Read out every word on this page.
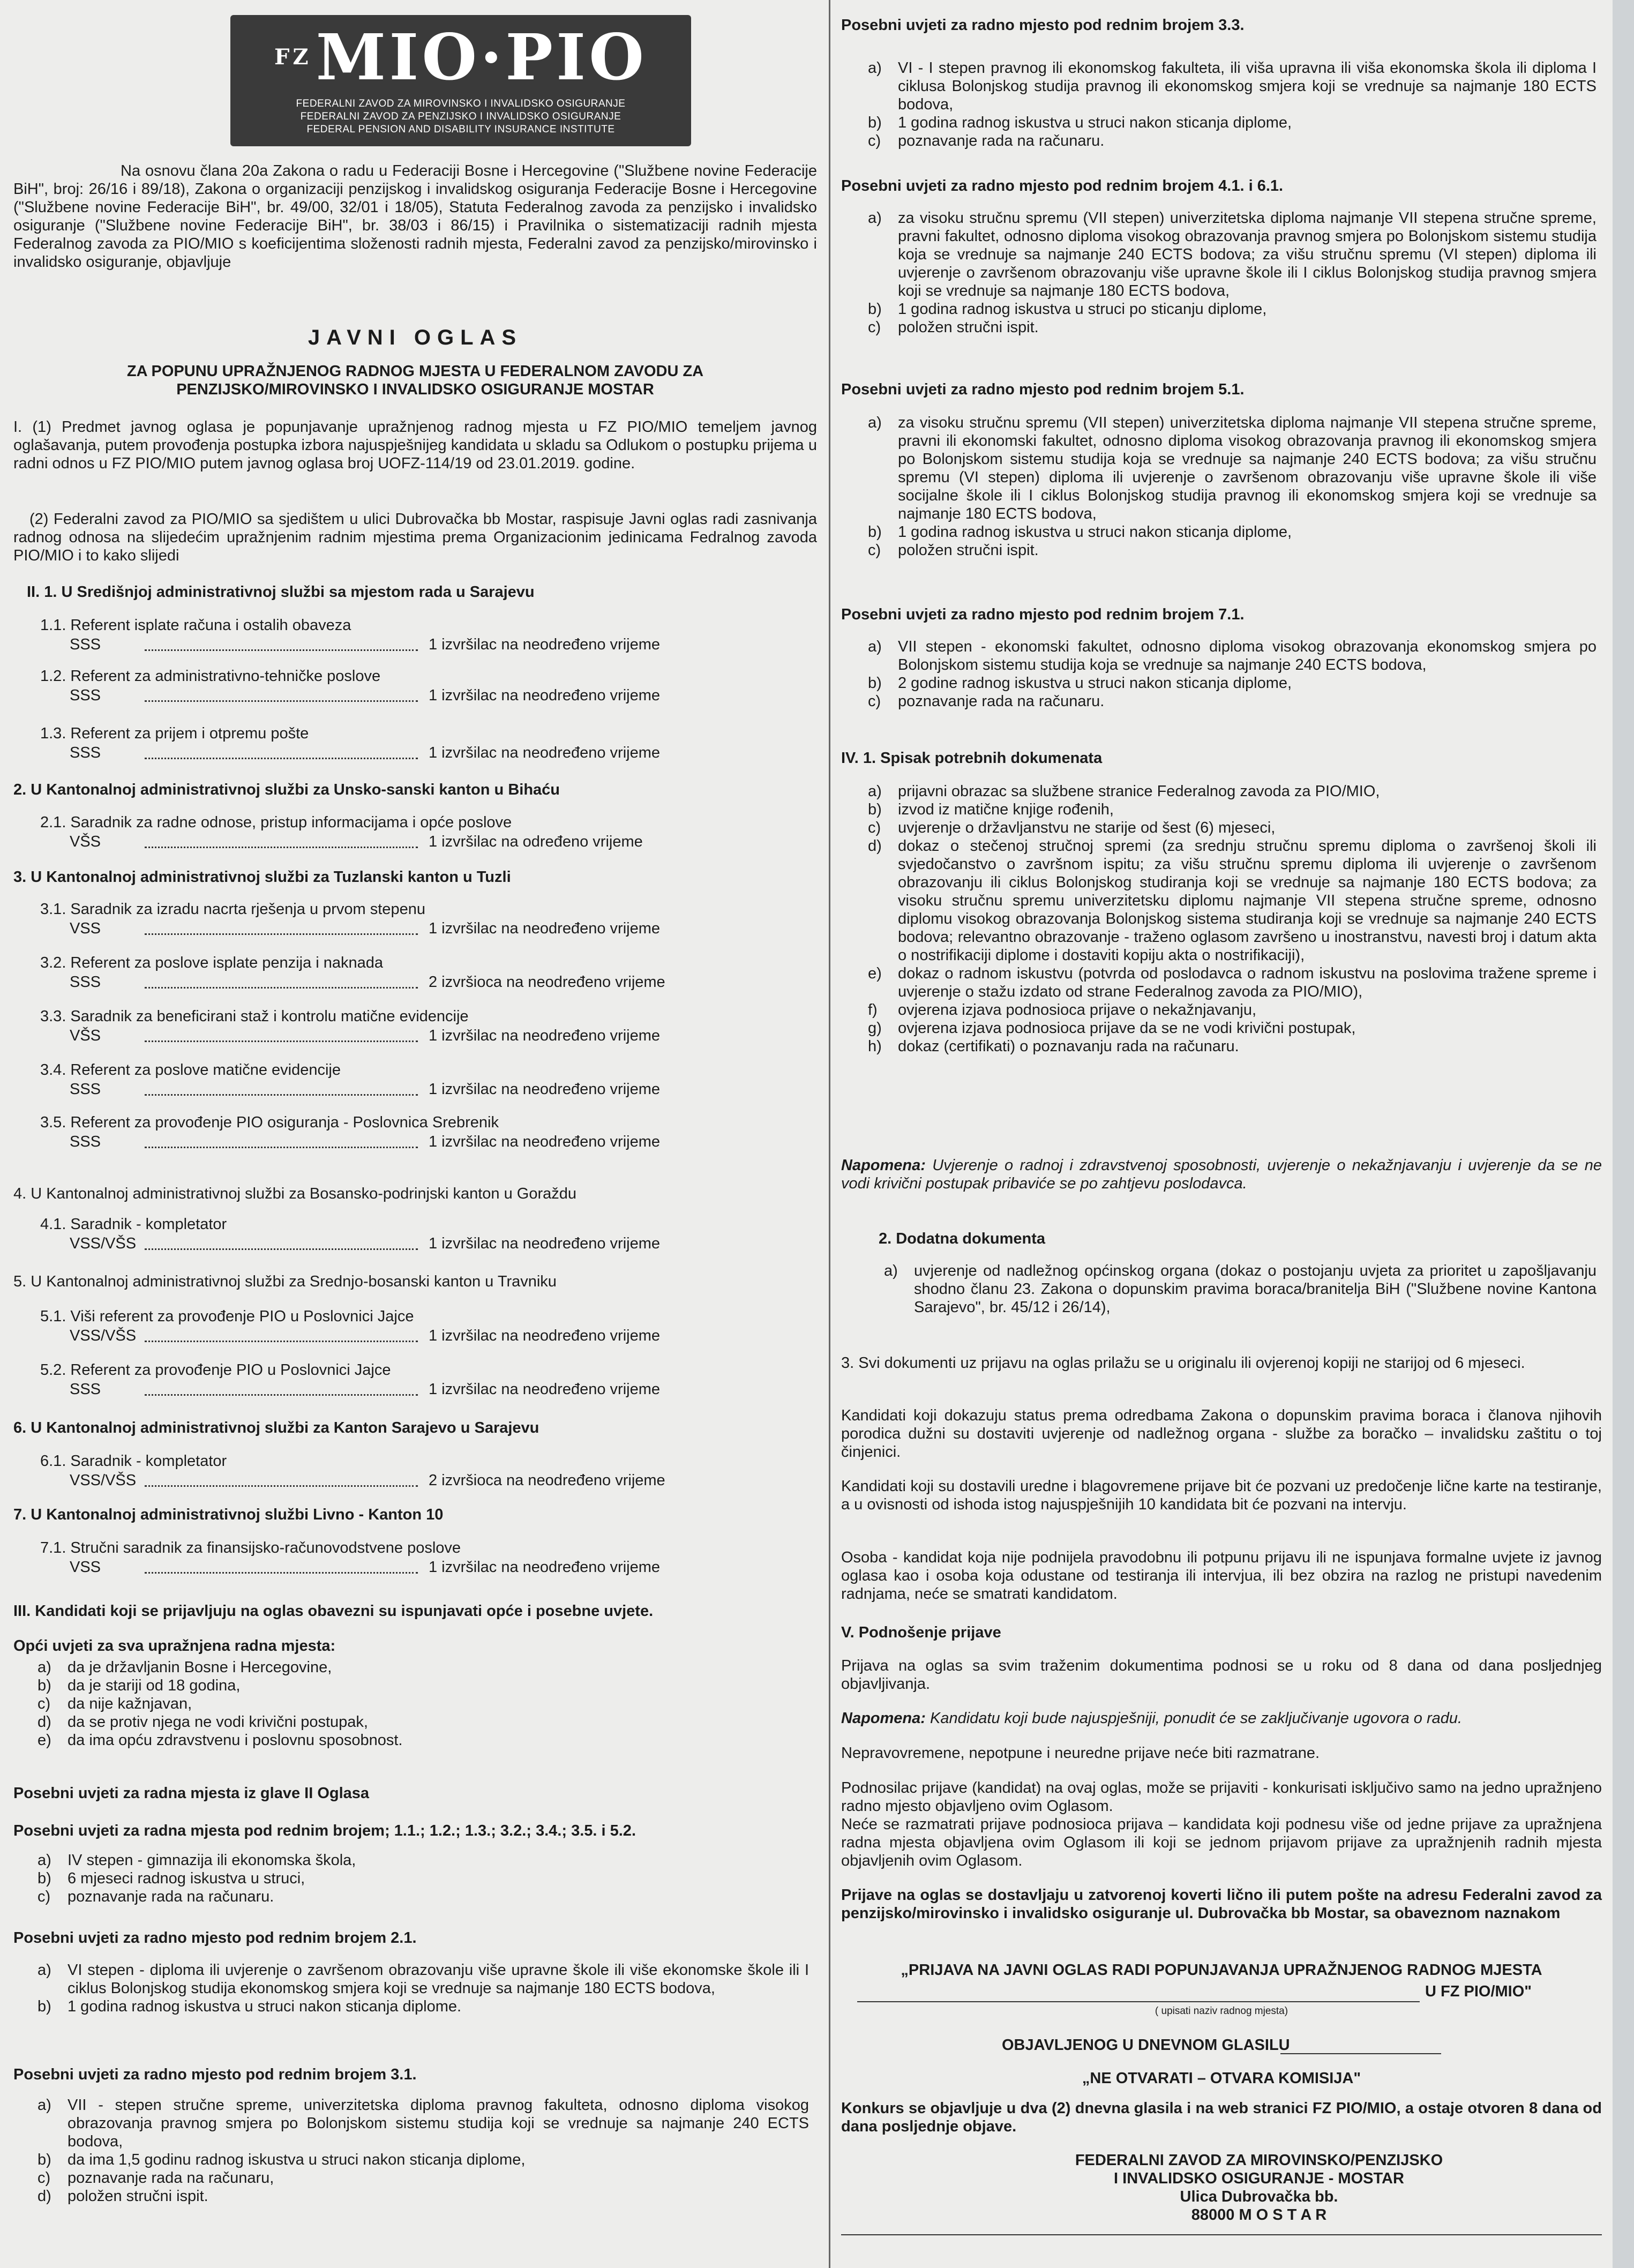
$^{FZ}$MIO·PIO
FEDERALNI ZAVOD ZA MIROVINSKO I INVALIDSKO OSIGURANJE
FEDERALNI ZAVOD ZA PENZIJSKO I INVALIDSKO OSIGURANJE
FEDERAL PENSION AND DISABILITY INSURANCE INSTITUTE
Na osnovu člana 20a Zakona o radu u Federaciji Bosne i Hercegovine ("Službene novine Federacije BiH", broj: 26/16 i 89/18), Zakona o organizaciji penzijskog i invalidskog osiguranja Federacije Bosne i Hercegovine ("Službene novine Federacije BiH", br. 49/00, 32/01 i 18/05), Statuta Federalnog zavoda za penzijsko i invalidsko osiguranje ("Službene novine Federacije BiH", br. 38/03 i 86/15) i Pravilnika o sistematizaciji radnih mjesta Federalnog zavoda za PIO/MIO s koeficijentima složenosti radnih mjesta, Federalni zavod za penzijsko/mirovinsko i invalidsko osiguranje, objavljuje
JAVNI OGLAS
ZA POPUNU UPRAŽNJENOG RADNOG MJESTA U FEDERALNOM ZAVODU ZA
PENZIJSKO/MIROVINSKO I INVALIDSKO OSIGURANJE MOSTAR
I. (1) Predmet javnog oglasa je popunjavanje upražnjenog radnog mjesta u FZ PIO/MIO temeljem javnog oglašavanja, putem provođenja postupka izbora najuspješnijeg kandidata u skladu sa Odlukom o postupku prijema u radni odnos u FZ PIO/MIO putem javnog oglasa broj UOFZ-114/19 od 23.01.2019. godine.
(2) Federalni zavod za PIO/MIO sa sjedištem u ulici Dubrovačka bb Mostar, raspisuje Javni oglas radi zasnivanja radnog odnosa na slijedećim upražnjenim radnim mjestima prema Organizacionim jedinicama Fedralnog zavoda PIO/MIO i to kako slijedi
II. 1. U Središnjoj administrativnoj službi sa mjestom rada u Sarajevu
1.1. Referent isplate računa i ostalih obaveza
SSS	1 izvršilac na neodređeno vrijeme
1.2. Referent za administrativno-tehničke poslove
SSS	1 izvršilac na neodređeno vrijeme
1.3. Referent za prijem i otpremu pošte
SSS	1 izvršilac na neodređeno vrijeme
2.1. Saradnik za radne odnose, pristup informacijama i opće poslove
VŠS	1 izvršilac na određeno vrijeme
3.1. Saradnik za izradu nacrta rješenja u prvom stepenu
VSS	1 izvršilac na neodređeno vrijeme
3.2. Referent za poslove isplate penzija i naknada
SSS	2 izvršioca na neodređeno vrijeme
3.3. Saradnik za beneficirani staž i kontrolu matične evidencije
VŠS	1 izvršilac na neodređeno vrijeme
3.4. Referent za poslove matične evidencije
SSS	1 izvršilac na neodređeno vrijeme
3.5. Referent za provođenje PIO osiguranja - Poslovnica Srebrenik
SSS	1 izvršilac na neodređeno vrijeme
4.1. Saradnik - kompletator
VSS/VŠS	1 izvršilac na neodređeno vrijeme
5.1. Viši referent za provođenje PIO u Poslovnici Jajce
VSS/VŠS	1 izvršilac na neodređeno vrijeme
5.2. Referent za provođenje PIO u Poslovnici Jajce
SSS	1 izvršilac na neodređeno vrijeme
6.1. Saradnik - kompletator
VSS/VŠS	2 izvršioca na neodređeno vrijeme
7.1. Stručni saradnik za finansijsko-računovodstvene poslove
VSS	1 izvršilac na neodređeno vrijeme
2. U Kantonalnoj administrativnoj službi za Unsko-sanski kanton u Bihaću
3. U Kantonalnoj administrativnoj službi za Tuzlanski kanton u Tuzli
4. U Kantonalnoj administrativnoj službi za Bosansko-podrinjski kanton u Goraždu
5. U Kantonalnoj administrativnoj službi za Srednjo-bosanski kanton u Travniku
6. U Kantonalnoj administrativnoj službi za Kanton Sarajevo u Sarajevu
7. U Kantonalnoj administrativnoj službi Livno - Kanton 10
III. Kandidati koji se prijavljuju na oglas obavezni su ispunjavati opće i posebne uvjete.
Opći uvjeti za sva upražnjena radna mjesta:
a) da je državljanin Bosne i Hercegovine,
b) da je stariji od 18 godina,
c) da nije kažnjavan,
d) da se protiv njega ne vodi krivični postupak,
e) da ima opću zdravstvenu i poslovnu sposobnost.
Posebni uvjeti za radna mjesta iz glave II Oglasa
Posebni uvjeti za radna mjesta pod rednim brojem; 1.1.; 1.2.; 1.3.; 3.2.; 3.4.; 3.5. i 5.2.
a) IV stepen - gimnazija ili ekonomska škola,
b) 6 mjeseci radnog iskustva u struci,
c) poznavanje rada na računaru.
Posebni uvjeti za radno mjesto pod rednim brojem 2.1.
a) VI stepen - diploma ili uvjerenje o završenom obrazovanju više upravne škole ili više ekonomske škole ili I ciklus Bolonjskog studija ekonomskog smjera koji se vrednuje sa najmanje 180 ECTS bodova,
b) 1 godina radnog iskustva u struci nakon sticanja diplome.
Posebni uvjeti za radno mjesto pod rednim brojem 3.1.
a) VII - stepen stručne spreme, univerzitetska diploma pravnog fakulteta, odnosno diploma visokog obrazovanja pravnog smjera po Bolonjskom sistemu studija koji se vrednuje sa najmanje 240 ECTS bodova,
b) da ima 1,5 godinu radnog iskustva u struci nakon sticanja diplome,
c) poznavanje rada na računaru,
d) položen stručni ispit.
Posebni uvjeti za radno mjesto pod rednim brojem 3.3.
a) VI - I stepen pravnog ili ekonomskog fakulteta, ili viša upravna ili viša ekonomska škola ili diploma I ciklusa Bolonjskog studija pravnog ili ekonomskog smjera koji se vrednuje sa najmanje 180 ECTS bodova,
b) 1 godina radnog iskustva u struci nakon sticanja diplome,
c) poznavanje rada na računaru.
Posebni uvjeti za radno mjesto pod rednim brojem 4.1. i 6.1.
a) za visoku stručnu spremu (VII stepen) univerzitetska diploma najmanje VII stepena stručne spreme, pravni fakultet, odnosno diploma visokog obrazovanja pravnog smjera po Bolonjskom sistemu studija koja se vrednuje sa najmanje 240 ECTS bodova; za višu stručnu spremu (VI stepen) diploma ili uvjerenje o završenom obrazovanju više upravne škole ili I ciklus Bolonjskog studija pravnog smjera koji se vrednuje sa najmanje 180 ECTS bodova,
b) 1 godina radnog iskustva u struci po sticanju diplome,
c) položen stručni ispit.
Posebni uvjeti za radno mjesto pod rednim brojem 5.1.
a) za visoku stručnu spremu (VII stepen) univerzitetska diploma najmanje VII stepena stručne spreme, pravni ili ekonomski fakultet, odnosno diploma visokog obrazovanja pravnog ili ekonomskog smjera po Bolonjskom sistemu studija koja se vrednuje sa najmanje 240 ECTS bodova; za višu stručnu spremu (VI stepen) diploma ili uvjerenje o završenom obrazovanju više upravne škole ili više socijalne škole ili I ciklus Bolonjskog studija pravnog ili ekonomskog smjera koji se vrednuje sa najmanje 180 ECTS bodova,
b) 1 godina radnog iskustva u struci nakon sticanja diplome,
c) položen stručni ispit.
Posebni uvjeti za radno mjesto pod rednim brojem 7.1.
a) VII stepen - ekonomski fakultet, odnosno diploma visokog obrazovanja ekonomskog smjera po Bolonjskom sistemu studija koja se vrednuje sa najmanje 240 ECTS bodova,
b) 2 godine radnog iskustva u struci nakon sticanja diplome,
c) poznavanje rada na računaru.
IV. 1. Spisak potrebnih dokumenata
a) prijavni obrazac sa službene stranice Federalnog zavoda za PIO/MIO,
b) izvod iz matične knjige rođenih,
c) uvjerenje o državljanstvu ne starije od šest (6) mjeseci,
d) dokaz o stečenoj stručnoj spremi (za srednju stručnu spremu diploma o završenoj školi ili svjedočanstvo o završnom ispitu; za višu stručnu spremu diploma ili uvjerenje o završenom obrazovanju ili ciklus Bolonjskog studiranja koji se vrednuje sa najmanje 180 ECTS bodova; za visoku stručnu spremu univerzitetsku diplomu najmanje VII stepena stručne spreme, odnosno diplomu visokog obrazovanja Bolonjskog sistema studiranja koji se vrednuje sa najmanje 240 ECTS bodova; relevantno obrazovanje - traženo oglasom završeno u inostranstvu, navesti broj i datum akta o nostrifikaciji diplome i dostaviti kopiju akta o nostrifikaciji),
e) dokaz o radnom iskustvu (potvrda od poslodavca o radnom iskustvu na poslovima tražene spreme i uvjerenje o stažu izdato od strane Federalnog zavoda za PIO/MIO),
f) ovjerena izjava podnosioca prijave o nekažnjavanju,
g) ovjerena izjava podnosioca prijave da se ne vodi krivični postupak,
h) dokaz (certifikati) o poznavanju rada na računaru.
Napomena: Uvjerenje o radnoj i zdravstvenoj sposobnosti, uvjerenje o nekažnjavanju i uvjerenje da se ne vodi krivični postupak pribaviće se po zahtjevu poslodavca.
2. Dodatna dokumenta
a) uvjerenje od nadležnog općinskog organa (dokaz o postojanju uvjeta za prioritet u zapošljavanju shodno članu 23. Zakona o dopunskim pravima boraca/branitelja BiH ("Službene novine Kantona Sarajevo", br. 45/12 i 26/14),
3. Svi dokumenti uz prijavu na oglas prilažu se u originalu ili ovjerenoj kopiji ne starijoj od 6 mjeseci.
Kandidati koji dokazuju status prema odredbama Zakona o dopunskim pravima boraca i članova njihovih porodica dužni su dostaviti uvjerenje od nadležnog organa - službe za boračko – invalidsku zaštitu o toj činjenici.
Kandidati koji su dostavili uredne i blagovremene prijave bit će pozvani uz predočenje lične karte na testiranje, a u ovisnosti od ishoda istog najuspješnijih 10 kandidata bit će pozvani na intervju.
Osoba - kandidat koja nije podnijela pravodobnu ili potpunu prijavu ili ne ispunjava formalne uvjete iz javnog oglasa kao i osoba koja odustane od testiranja ili intervjua, ili bez obzira na razlog ne pristupi navedenim radnjama, neće se smatrati kandidatom.
V. Podnošenje prijave
Prijava na oglas sa svim traženim dokumentima podnosi se u roku od 8 dana od dana posljednjeg objavljivanja.
Napomena: Kandidatu koji bude najuspješniji, ponudit će se zaključivanje ugovora o radu.
Nepravovremene, nepotpune i neuredne prijave neće biti razmatrane.
Podnosilac prijave (kandidat) na ovaj oglas, može se prijaviti - konkurisati isključivo samo na jedno upražnjeno radno mjesto objavljeno ovim Oglasom.
Neće se razmatrati prijave podnosioca prijava – kandidata koji podnesu više od jedne prijave za upražnjena radna mjesta objavljena ovim Oglasom ili koji se jednom prijavom prijave za upražnjenih radnih mjesta objavljenih ovim Oglasom.
Prijave na oglas se dostavljaju u zatvorenoj koverti lično ili putem pošte na adresu Federalni zavod za penzijsko/mirovinsko i invalidsko osiguranje ul. Dubrovačka bb Mostar, sa obaveznom naznakom
„PRIJAVA NA JAVNI OGLAS RADI POPUNJAVANJA UPRAŽNJENOG RADNOG MJESTA
U FZ PIO/MIO"
( upisati naziv radnog mjesta)
OBJAVLJENOG U DNEVNOM GLASILU
„NE OTVARATI – OTVARA KOMISIJA"
Konkurs se objavljuje u dva (2) dnevna glasila i na web stranici FZ PIO/MIO, a ostaje otvoren 8 dana od dana posljednje objave.
FEDERALNI ZAVOD ZA MIROVINSKO/PENZIJSKO
I INVALIDSKO OSIGURANJE - MOSTAR
Ulica Dubrovačka bb.
88000 M O S T A R
